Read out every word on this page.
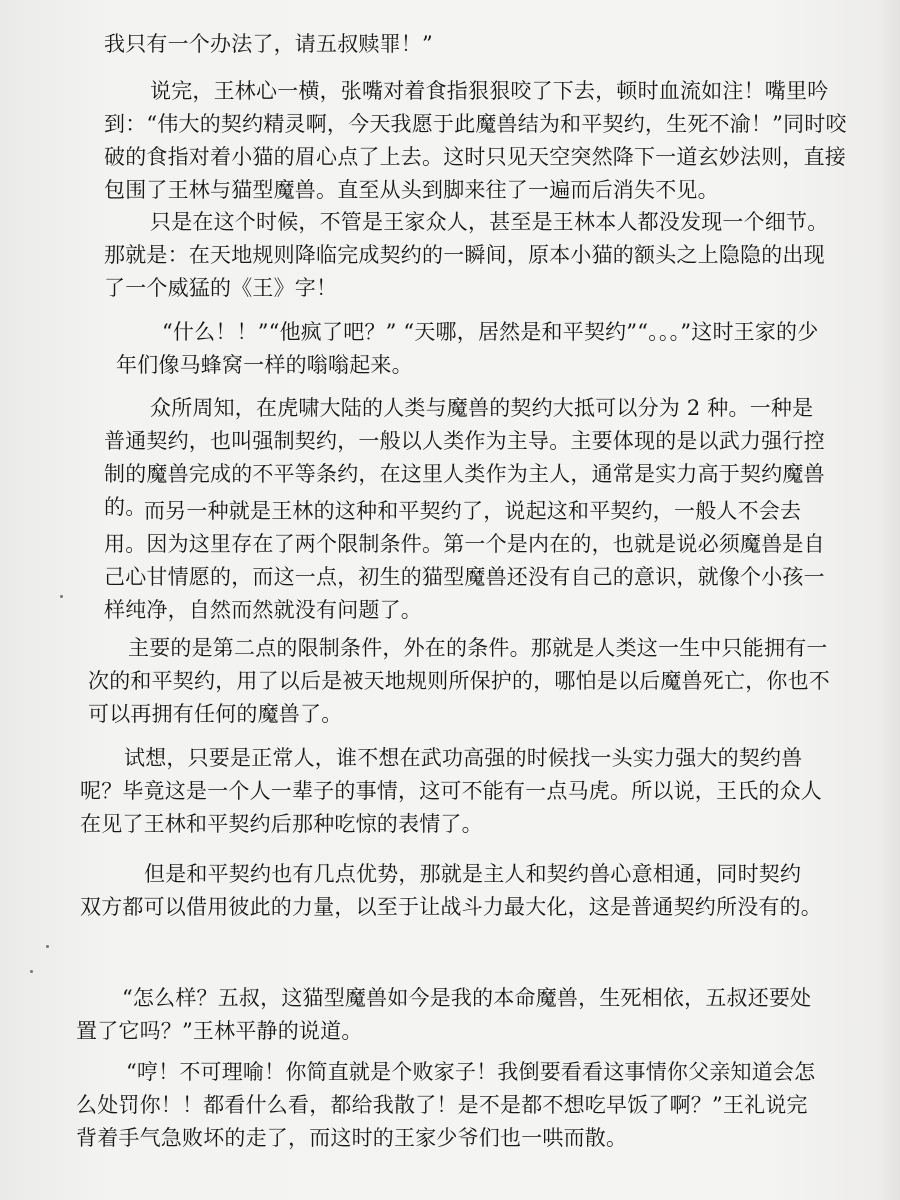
我只有一个办法了，请五叔赎罪！”

说完，王林心一横，张嘴对着食指狠狠咬了下去，顿时血流如注！嘴里吟到：“伟大的契约精灵啊，今天我愿于此魔兽结为和平契约，生死不渝！”同时咬破的食指对着小猫的眉心点了上去。这时只见天空突然降下一道玄妙法则，直接包围了王林与猫型魔兽。直至从头到脚来往了一遍而后消失不见。

只是在这个时候，不管是王家众人，甚至是王林本人都没发现一个细节。那就是：在天地规则降临完成契约的一瞬间，原本小猫的额头之上隐隐的出现了一个威猛的《王》字！

“什么！！”“他疯了吧？” “天哪，居然是和平契约”“。。。”这时王家的少年们像马蜂窝一样的嗡嗡起来。

众所周知，在虎啸大陆的人类与魔兽的契约大抵可以分为 2 种。一种是普通契约，也叫强制契约，一般以人类作为主导。主要体现的是以武力强行控制的魔兽完成的不平等条约，在这里人类作为主人，通常是实力高于契约魔兽的。

而另一种就是王林的这种和平契约了，说起这和平契约，一般人不会去用。因为这里存在了两个限制条件。第一个是内在的，也就是说必须魔兽是自己心甘情愿的，而这一点，初生的猫型魔兽还没有自己的意识，就像个小孩一样纯净，自然而然就没有问题了。

主要的是第二点的限制条件，外在的条件。那就是人类这一生中只能拥有一次的和平契约，用了以后是被天地规则所保护的，哪怕是以后魔兽死亡，你也不可以再拥有任何的魔兽了。

试想，只要是正常人，谁不想在武功高强的时候找一头实力强大的契约兽呢？毕竟这是一个人一辈子的事情，这可不能有一点马虎。所以说，王氏的众人在见了王林和平契约后那种吃惊的表情了。

但是和平契约也有几点优势，那就是主人和契约兽心意相通，同时契约双方都可以借用彼此的力量，以至于让战斗力最大化，这是普通契约所没有的。

“怎么样？五叔，这猫型魔兽如今是我的本命魔兽，生死相依，五叔还要处置了它吗？”王林平静的说道。

“哼！不可理喻！你简直就是个败家子！我倒要看看这事情你父亲知道会怎么处罚你！！都看什么看，都给我散了！是不是都不想吃早饭了啊？”王礼说完背着手气急败坏的走了，而这时的王家少爷们也一哄而散。
